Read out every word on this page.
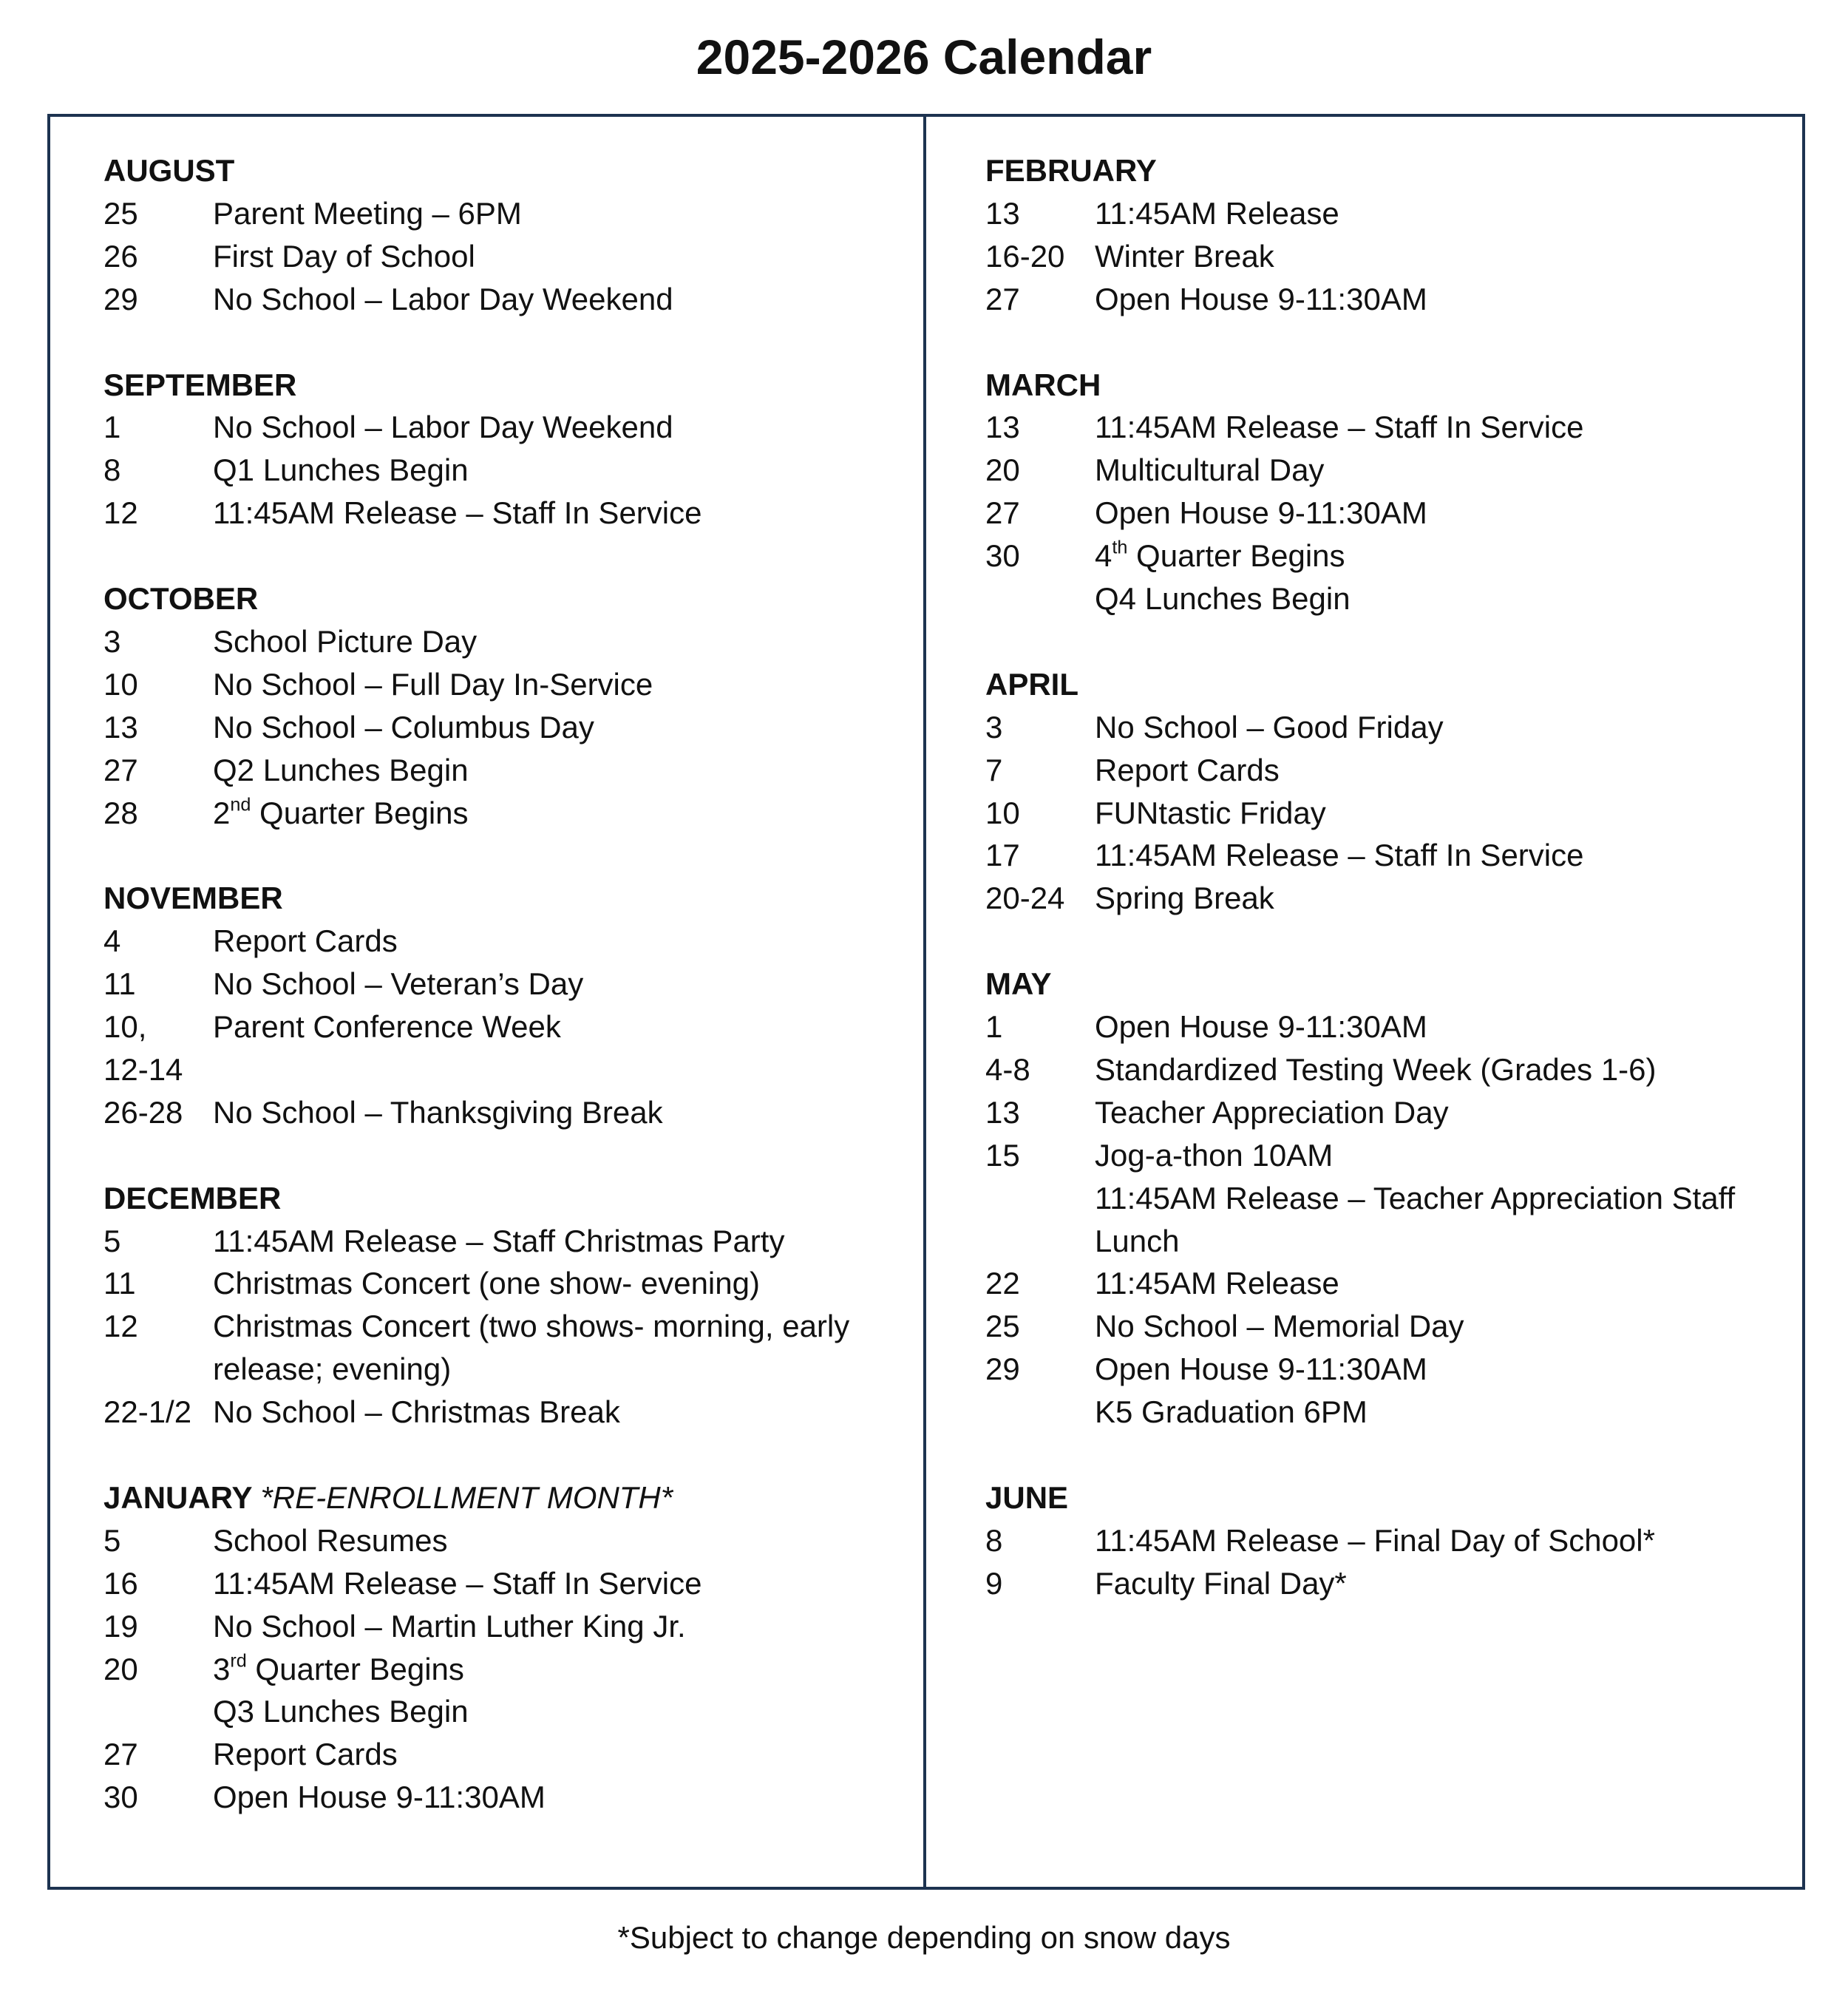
2025-2026 Calendar
AUGUST
25	Parent Meeting – 6PM
26	First Day of School
29	No School – Labor Day Weekend
SEPTEMBER
1	No School – Labor Day Weekend
8	Q1 Lunches Begin
12	11:45AM Release – Staff In Service
OCTOBER
3	School Picture Day
10	No School – Full Day In-Service
13	No School – Columbus Day
27	Q2 Lunches Begin
28	2nd Quarter Begins
NOVEMBER
4	Report Cards
11	No School – Veteran’s Day
10,	Parent Conference Week
12-14
26-28 No School – Thanksgiving Break
DECEMBER
5	11:45AM Release – Staff Christmas Party
11	Christmas Concert (one show- evening)
12	Christmas Concert (two shows- morning, early release; evening)
22-1/2 No School – Christmas Break
JANUARY *RE-ENROLLMENT MONTH*
5	School Resumes
16	11:45AM Release – Staff In Service
19	No School – Martin Luther King Jr.
20	3rd Quarter Begins
Q3 Lunches Begin
27	Report Cards
30	Open House 9-11:30AM
FEBRUARY
13	11:45AM Release
16-20 Winter Break
27	Open House 9-11:30AM
MARCH
13	11:45AM Release – Staff In Service
20	Multicultural Day
27	Open House 9-11:30AM
30	4th Quarter Begins
Q4 Lunches Begin
APRIL
3	No School – Good Friday
7	Report Cards
10	FUNtastic Friday
17	11:45AM Release – Staff In Service
20-24 Spring Break
MAY
1	Open House 9-11:30AM
4-8	Standardized Testing Week (Grades 1-6)
13	Teacher Appreciation Day
15	Jog-a-thon 10AM
11:45AM Release – Teacher Appreciation Staff Lunch
22	11:45AM Release
25	No School – Memorial Day
29	Open House 9-11:30AM
K5 Graduation 6PM
JUNE
8	11:45AM Release – Final Day of School*
9	Faculty Final Day*
*Subject to change depending on snow days
